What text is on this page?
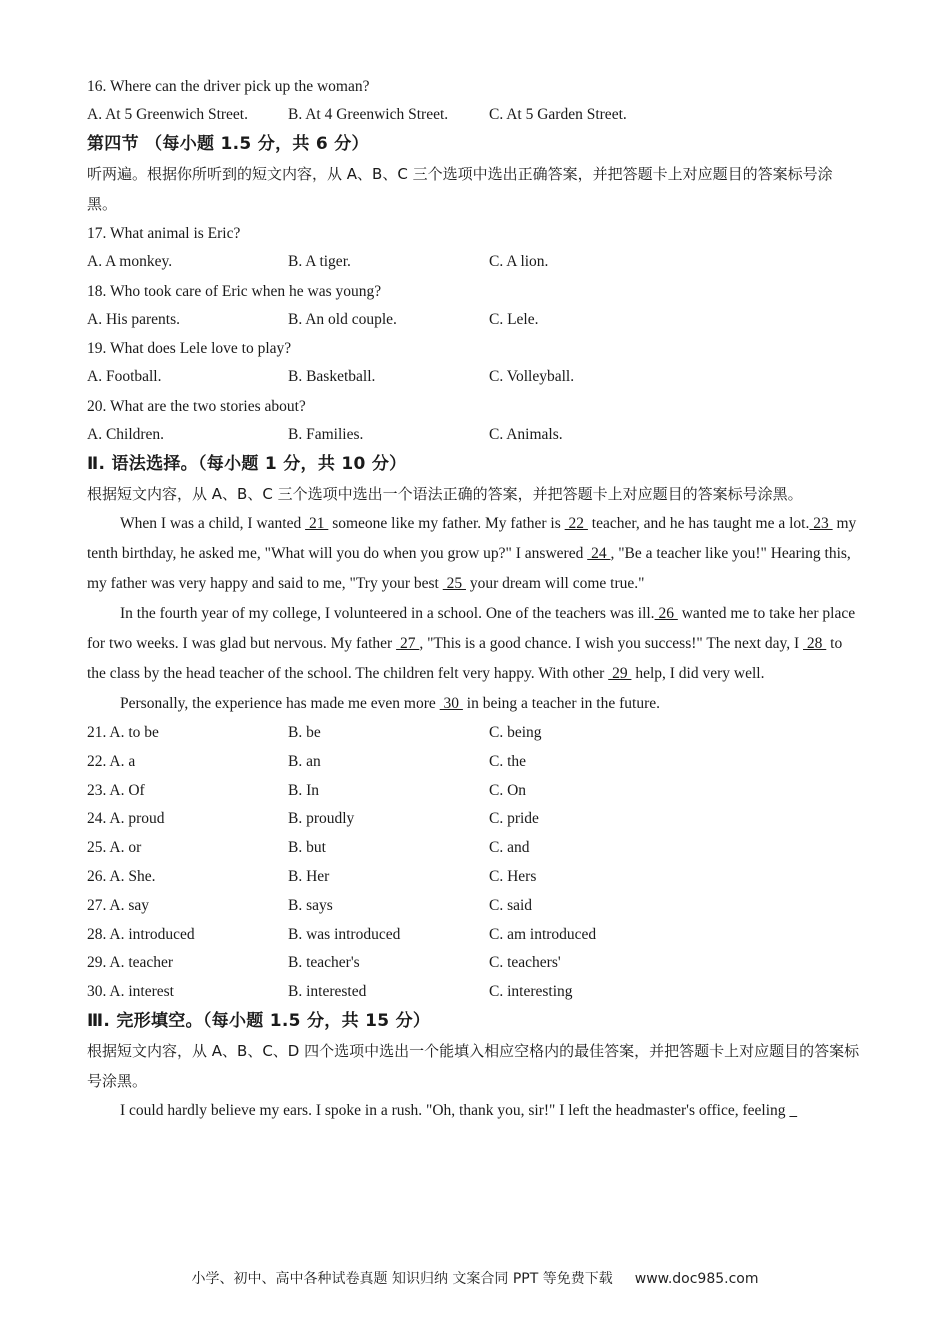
16. Where can the driver pick up the woman?
A. At 5 Greenwich Street.	B. At 4 Greenwich Street.	C. At 5 Garden Street.
第四节 （每小题 1.5 分，共 6 分）
听两遍。根据你所听到的短文内容，从 A、B、C 三个选项中选出正确答案，并把答题卡上对应题目的答案标号涂黑。
17. What animal is Eric?
A. A monkey.	B. A tiger.	C. A lion.
18. Who took care of Eric when he was young?
A. His parents.	B. An old couple.	C. Lele.
19. What does Lele love to play?
A. Football.	B. Basketball.	C. Volleyball.
20. What are the two stories about?
A. Children.	B. Families.	C. Animals.
Ⅱ. 语法选择。（每小题 1 分，共 10 分）
根据短文内容，从 A、B、C 三个选项中选出一个语法正确的答案，并把答题卡上对应题目的答案标号涂黑。

When I was a child, I wanted  21  someone like my father. My father is  22  teacher, and he has taught me a lot. 23  my tenth birthday, he asked me, "What will you do when you grow up?" I answered  24 , "Be a teacher like you!" Hearing this, my father was very happy and said to me, "Try your best  25  your dream will come true."

In the fourth year of my college, I volunteered in a school. One of the teachers was ill. 26  wanted me to take her place for two weeks. I was glad but nervous. My father  27 , "This is a good chance. I wish you success!" The next day, I  28  to the class by the head teacher of the school. The children felt very happy. With other  29  help, I did very well.

Personally, the experience has made me even more  30  in being a teacher in the future.

21. A. to be	B. be	C. being
22. A. a	B. an	C. the
23. A. Of	B. In	C. On
24. A. proud	B. proudly	C. pride
25. A. or	B. but	C. and
26. A. She.	B. Her	C. Hers
27. A. say	B. says	C. said
28. A. introduced	B. was introduced	C. am introduced
29. A. teacher	B. teacher's	C. teachers'
30. A. interest	B. interested	C. interesting
Ⅲ. 完形填空。（每小题 1.5 分，共 15 分）
根据短文内容，从 A、B、C、D 四个选项中选出一个能填入相应空格内的最佳答案，并把答题卡上对应题目的答案标号涂黑。

I could hardly believe my ears. I spoke in a rush. "Oh, thank you, sir!" I left the headmaster's office, feeling

小学、初中、高中各种试卷真题 知识归纳 文案合同 PPT 等免费下载 www.doc985.com
